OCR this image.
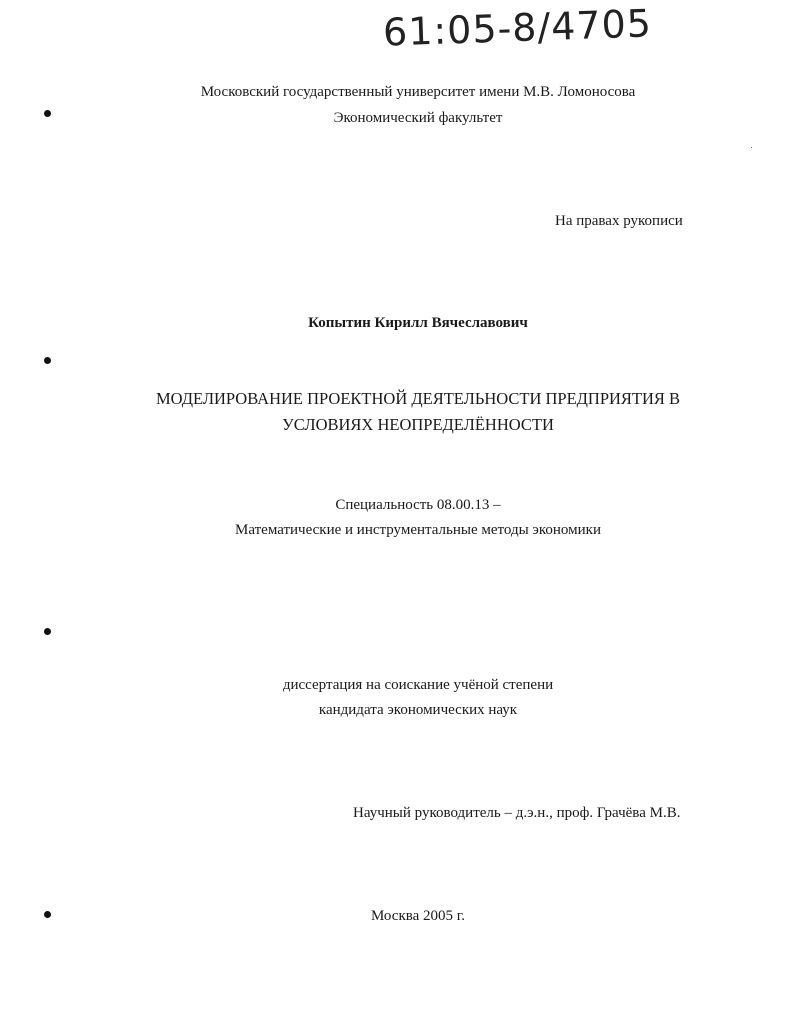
61:05-8/4705
Московский государственный университет имени М.В. Ломоносова
Экономический факультет
На правах рукописи
Копытин Кирилл Вячеславович
МОДЕЛИРОВАНИЕ ПРОЕКТНОЙ ДЕЯТЕЛЬНОСТИ ПРЕДПРИЯТИЯ В
УСЛОВИЯХ НЕОПРЕДЕЛЁННОСТИ
Специальность 08.00.13 –
Математические и инструментальные методы экономики
диссертация на соискание учёной степени
кандидата экономических наук
Научный руководитель – д.э.н., проф. Грачёва М.В.
Москва 2005 г.
